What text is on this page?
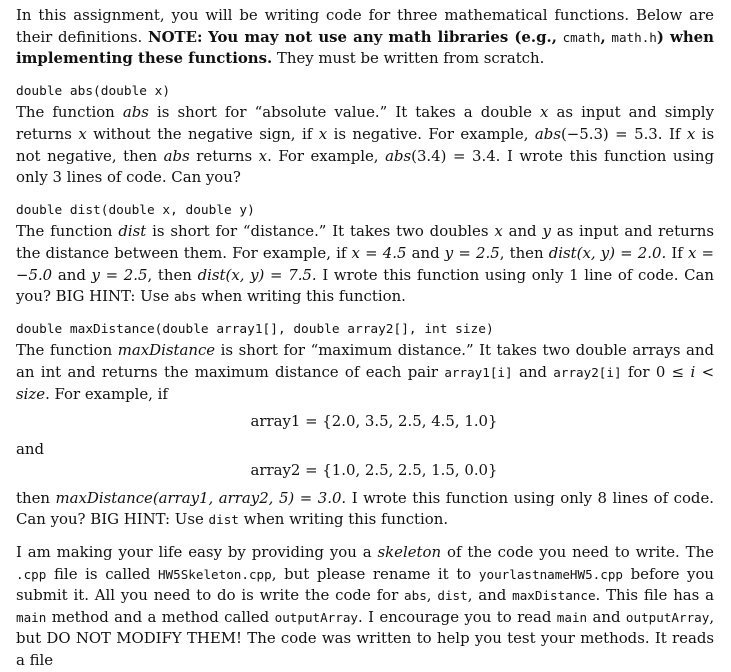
In this assignment, you will be writing code for three mathematical functions. Below are their definitions. NOTE: You may not use any math libraries (e.g., cmath, math.h) when implementing these functions. They must be written from scratch.

double abs(double x)

The function abs is short for “absolute value.” It takes a double x as input and simply returns x without the negative sign, if x is negative. For example, abs(−5.3) = 5.3. If x is not negative, then abs returns x. For example, abs(3.4) = 3.4. I wrote this function using only 3 lines of code. Can you?

double dist(double x, double y)

The function dist is short for “distance.” It takes two doubles x and y as input and returns the distance between them. For example, if x = 4.5 and y = 2.5, then dist(x, y) = 2.0. If x = −5.0 and y = 2.5, then dist(x, y) = 7.5. I wrote this function using only 1 line of code. Can you? BIG HINT: Use abs when writing this function.

double maxDistance(double array1[], double array2[], int size)

The function maxDistance is short for “maximum distance.” It takes two double arrays and an int and returns the maximum distance of each pair array1[i] and array2[i] for 0 ≤ i < size. For example, if

array1 = {2.0, 3.5, 2.5, 4.5, 1.0}

and

array2 = {1.0, 2.5, 2.5, 1.5, 0.0}

then maxDistance(array1, array2, 5) = 3.0. I wrote this function using only 8 lines of code. Can you? BIG HINT: Use dist when writing this function.

I am making your life easy by providing you a skeleton of the code you need to write. The .cpp file is called HW5Skeleton.cpp, but please rename it to yourlastnameHW5.cpp before you submit it. All you need to do is write the code for abs, dist, and maxDistance. This file has a main method and a method called outputArray. I encourage you to read main and outputArray, but DO NOT MODIFY THEM! The code was written to help you test your methods. It reads a file
